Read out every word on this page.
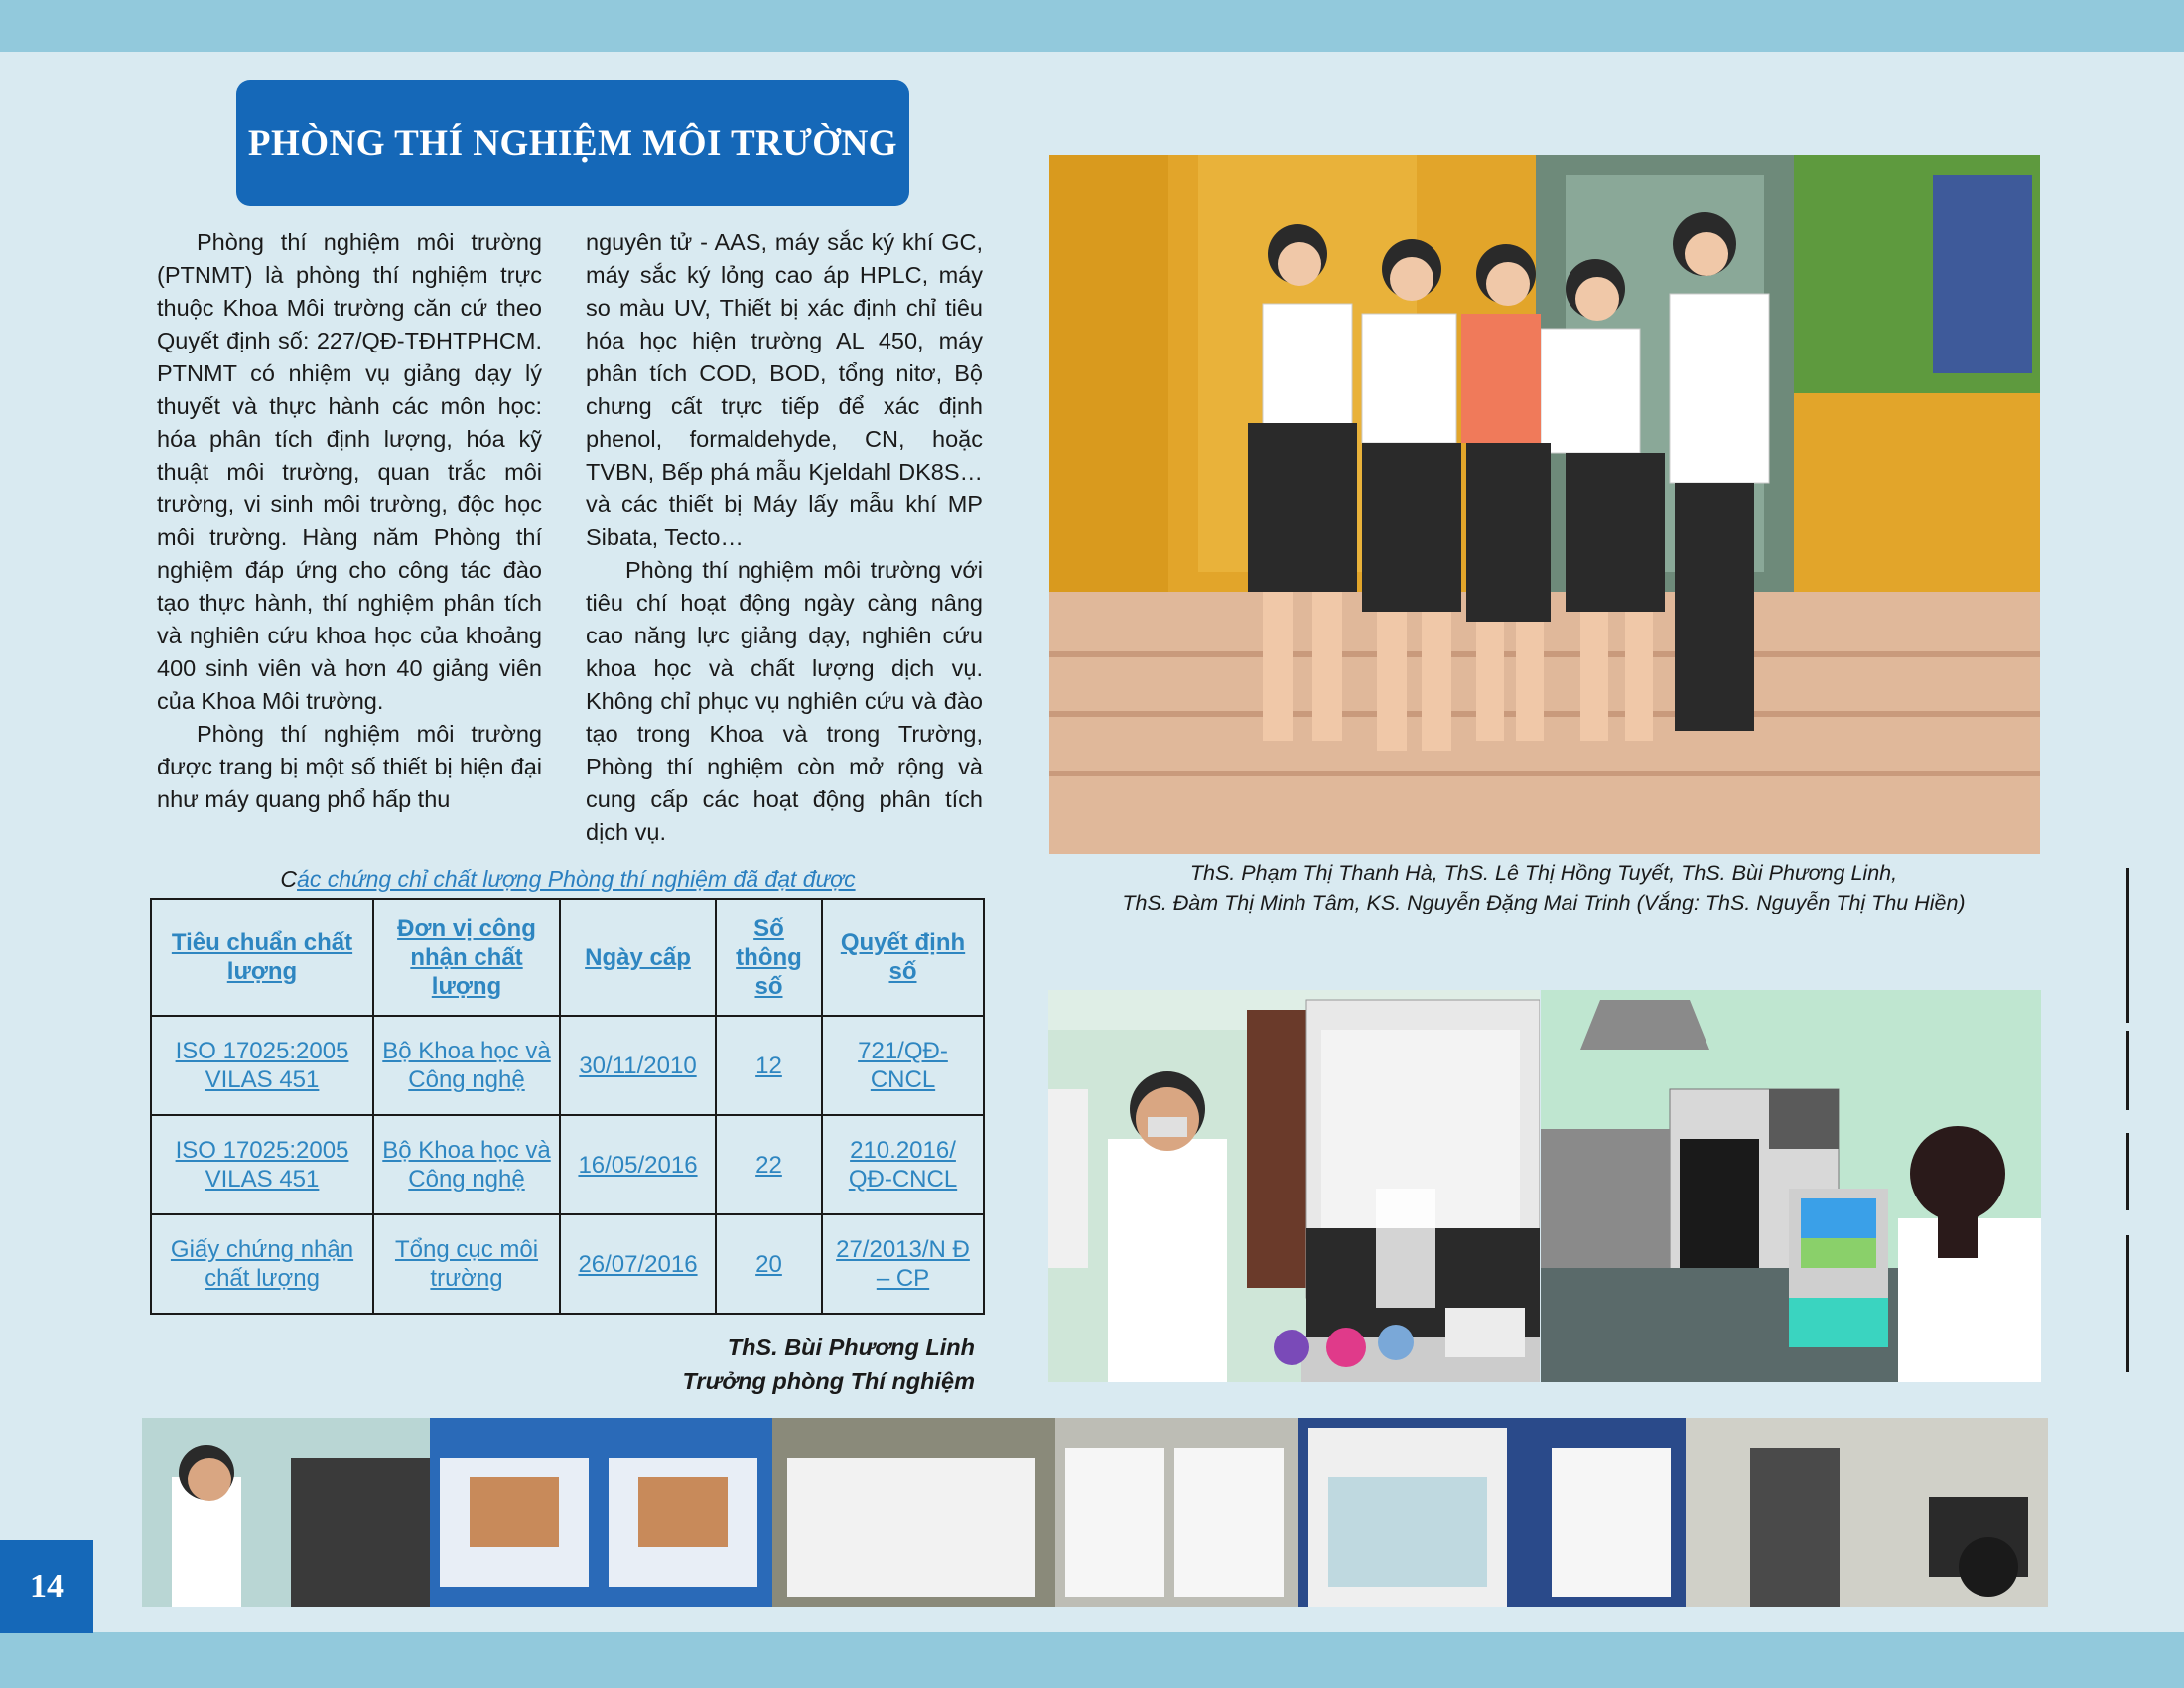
PHÒNG THÍ NGHIỆM MÔI TRƯỜNG

Phòng thí nghiệm môi trường (PTNMT) là phòng thí nghiệm trực thuộc Khoa Môi trường căn cứ theo Quyết định số: 227/QĐ-TĐHTPHCM. PTNMT có nhiệm vụ giảng dạy lý thuyết và thực hành các môn học: hóa phân tích định lượng, hóa kỹ thuật môi trường, quan trắc môi trường, vi sinh môi trường, độc học môi trường. Hàng năm Phòng thí nghiệm đáp ứng cho công tác đào tạo thực hành, thí nghiệm phân tích và nghiên cứu khoa học của khoảng 400 sinh viên và hơn 40 giảng viên của Khoa Môi trường.

Phòng thí nghiệm môi trường được trang bị một số thiết bị hiện đại như máy quang phổ hấp thu

nguyên tử - AAS, máy sắc ký khí GC, máy sắc ký lỏng cao áp HPLC, máy so màu UV, Thiết bị xác định chỉ tiêu hóa học hiện trường AL 450, máy phân tích COD, BOD, tổng nitơ, Bộ chưng cất trực tiếp để xác định phenol, formaldehyde, CN, hoặc TVBN, Bếp phá mẫu Kjeldahl DK8S… và các thiết bị Máy lấy mẫu khí MP Sibata, Tecto…

Phòng thí nghiệm môi trường với tiêu chí hoạt động ngày càng nâng cao năng lực giảng dạy, nghiên cứu khoa học và chất lượng dịch vụ. Không chỉ phục vụ nghiên cứu và đào tạo trong Khoa và trong Trường, Phòng thí nghiệm còn mở rộng và cung cấp các hoạt động phân tích dịch vụ.

Các chứng chỉ chất lượng Phòng thí nghiệm đã đạt được
Tiêu chuẩn chất lượng	Đơn vị công nhận chất lượng	Ngày cấp	Số thông số	Quyết định số
ISO 17025:2005 VILAS 451	Bộ Khoa học và Công nghệ	30/11/2010	12	721/QĐ-CNCL
ISO 17025:2005 VILAS 451	Bộ Khoa học và Công nghệ	16/05/2016	22	210.2016/ QĐ-CNCL
Giấy chứng nhận chất lượng	Tổng cục môi trường	26/07/2016	20	27/2013/N Đ – CP
ThS. Bùi Phương Linh
Trưởng phòng Thí nghiệm
ThS. Phạm Thị Thanh Hà, ThS. Lê Thị Hồng Tuyết, ThS. Bùi Phương Linh,
ThS. Đàm Thị Minh Tâm, KS. Nguyễn Đặng Mai Trinh (Vắng: ThS. Nguyễn Thị Thu Hiền)
14
